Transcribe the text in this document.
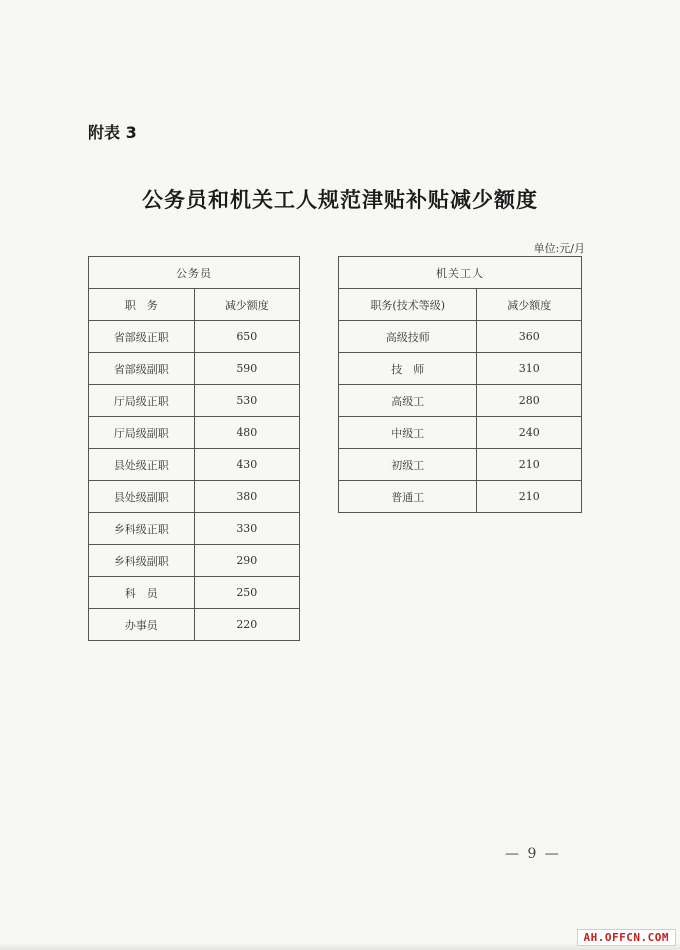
附表 3
公务员和机关工人规范津贴补贴减少额度
单位:元/月
公务员	
职　务	减少额度
省部级正职	650
省部级副职	590
厅局级正职	530
厅局级副职	480
县处级正职	430
县处级副职	380
乡科级正职	330
乡科级副职	290
科　员	250
办事员	220
机关工人	
职务(技术等级)	减少额度
高级技师	360
技　师	310
高级工	280
中级工	240
初级工	210
普通工	210
— 9 —
AH.OFFCN.COM
